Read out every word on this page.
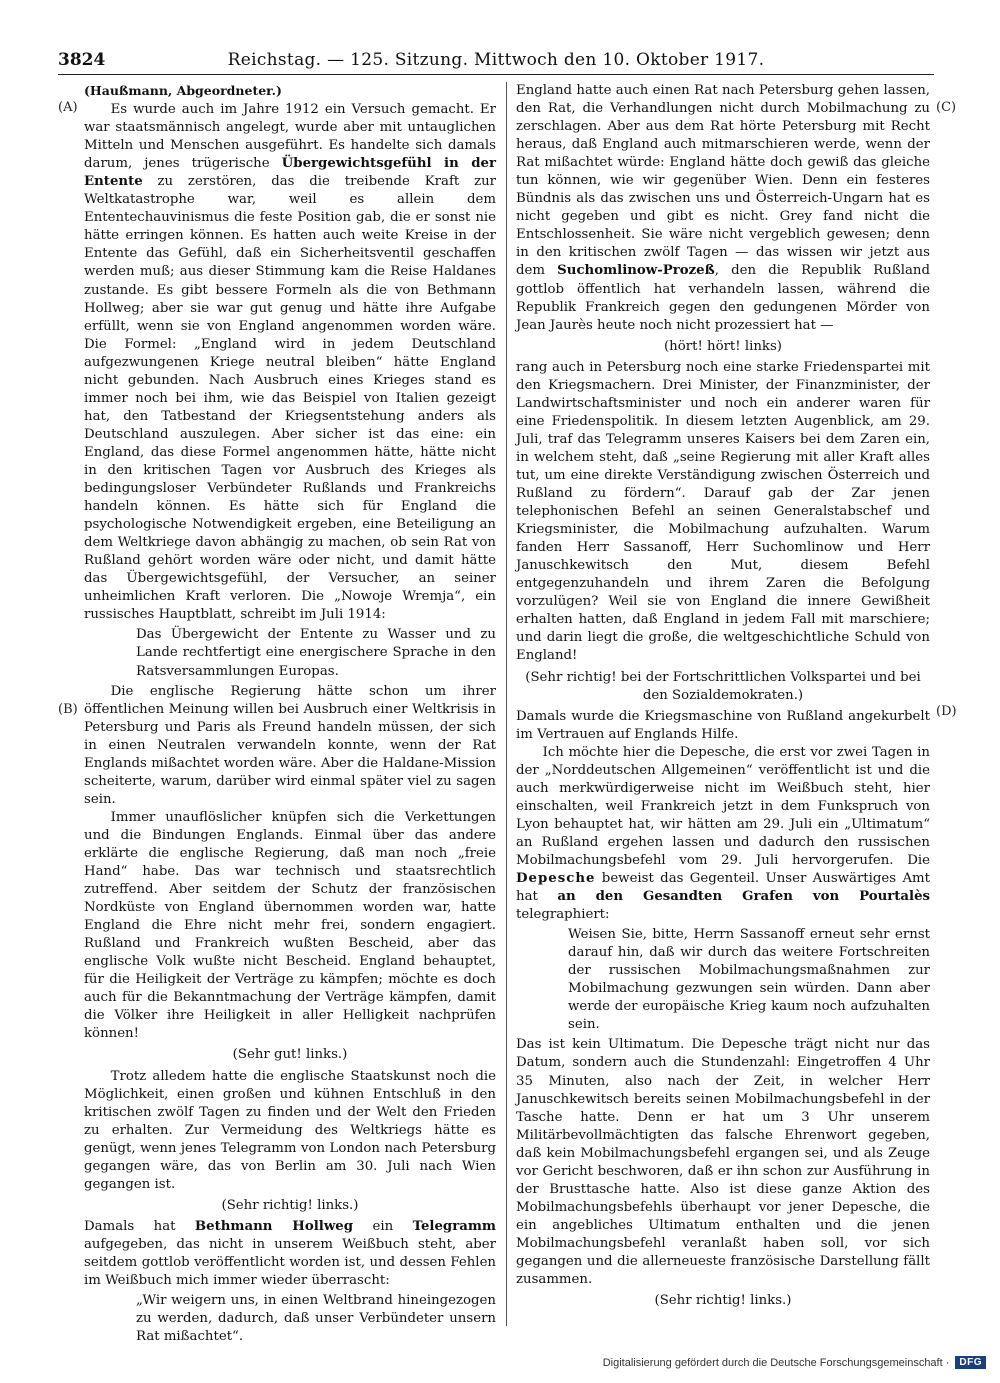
3824	Reichstag. — 125. Sitzung. Mittwoch den 10. Oktober 1917.
(A)
(B)
(C)
(D)

(Haußmann, Abgeordneter.)

Es wurde auch im Jahre 1912 ein Versuch gemacht. Er war staatsmännisch angelegt, wurde aber mit untauglichen Mitteln und Menschen ausgeführt. Es handelte sich damals darum, jenes trügerische Übergewichtsgefühl in der Entente zu zerstören, das die treibende Kraft zur Weltkatastrophe war, weil es allein dem Ententechauvinismus die feste Position gab, die er sonst nie hätte erringen können. Es hatten auch weite Kreise in der Entente das Gefühl, daß ein Sicherheitsventil geschaffen werden muß; aus dieser Stimmung kam die Reise Haldanes zustande. Es gibt bessere Formeln als die von Bethmann Hollweg; aber sie war gut genug und hätte ihre Aufgabe erfüllt, wenn sie von England angenommen worden wäre. Die Formel: „England wird in jedem Deutschland aufgezwungenen Kriege neutral bleiben“ hätte England nicht gebunden. Nach Ausbruch eines Krieges stand es immer noch bei ihm, wie das Beispiel von Italien gezeigt hat, den Tatbestand der Kriegsentstehung anders als Deutschland auszulegen. Aber sicher ist das eine: ein England, das diese Formel angenommen hätte, hätte nicht in den kritischen Tagen vor Ausbruch des Krieges als bedingungsloser Verbündeter Rußlands und Frankreichs handeln können. Es hätte sich für England die psychologische Notwendigkeit ergeben, eine Beteiligung an dem Weltkriege davon abhängig zu machen, ob sein Rat von Rußland gehört worden wäre oder nicht, und damit hätte das Übergewichtsgefühl, der Versucher, an seiner unheimlichen Kraft verloren. Die „Nowoje Wremja“, ein russisches Hauptblatt, schreibt im Juli 1914:

Das Übergewicht der Entente zu Wasser und zu Lande rechtfertigt eine energischere Sprache in den Ratsversammlungen Europas.

Die englische Regierung hätte schon um ihrer öffentlichen Meinung willen bei Ausbruch einer Weltkrisis in Petersburg und Paris als Freund handeln müssen, der sich in einen Neutralen verwandeln konnte, wenn der Rat Englands mißachtet worden wäre. Aber die Haldane-Mission scheiterte, warum, darüber wird einmal später viel zu sagen sein.

Immer unauflöslicher knüpfen sich die Verkettungen und die Bindungen Englands. Einmal über das andere erklärte die englische Regierung, daß man noch „freie Hand“ habe. Das war technisch und staatsrechtlich zutreffend. Aber seitdem der Schutz der französischen Nordküste von England übernommen worden war, hatte England die Ehre nicht mehr frei, sondern engagiert. Rußland und Frankreich wußten Bescheid, aber das englische Volk wußte nicht Bescheid. England behauptet, für die Heiligkeit der Verträge zu kämpfen; möchte es doch auch für die Bekanntmachung der Verträge kämpfen, damit die Völker ihre Heiligkeit in aller Helligkeit nachprüfen können!

(Sehr gut! links.)

Trotz alledem hatte die englische Staatskunst noch die Möglichkeit, einen großen und kühnen Entschluß in den kritischen zwölf Tagen zu finden und der Welt den Frieden zu erhalten. Zur Vermeidung des Weltkriegs hätte es genügt, wenn jenes Telegramm von London nach Petersburg gegangen wäre, das von Berlin am 30. Juli nach Wien gegangen ist.

(Sehr richtig! links.)

Damals hat Bethmann Hollweg ein Telegramm aufgegeben, das nicht in unserem Weißbuch steht, aber seitdem gottlob veröffentlicht worden ist, und dessen Fehlen im Weißbuch mich immer wieder überrascht:

„Wir weigern uns, in einen Weltbrand hineingezogen zu werden, dadurch, daß unser Verbündeter unsern Rat mißachtet“.

England hatte auch einen Rat nach Petersburg gehen lassen, den Rat, die Verhandlungen nicht durch Mobilmachung zu zerschlagen. Aber aus dem Rat hörte Petersburg mit Recht heraus, daß England auch mitmarschieren werde, wenn der Rat mißachtet würde: England hätte doch gewiß das gleiche tun können, wie wir gegenüber Wien. Denn ein festeres Bündnis als das zwischen uns und Österreich-Ungarn hat es nicht gegeben und gibt es nicht. Grey fand nicht die Entschlossenheit. Sie wäre nicht vergeblich gewesen; denn in den kritischen zwölf Tagen — das wissen wir jetzt aus dem Suchomlinow-Prozeß, den die Republik Rußland gottlob öffentlich hat verhandeln lassen, während die Republik Frankreich gegen den gedungenen Mörder von Jean Jaurès heute noch nicht prozessiert hat —

(hört! hört! links)

rang auch in Petersburg noch eine starke Friedenspartei mit den Kriegsmachern. Drei Minister, der Finanzminister, der Landwirtschaftsminister und noch ein anderer waren für eine Friedenspolitik. In diesem letzten Augenblick, am 29. Juli, traf das Telegramm unseres Kaisers bei dem Zaren ein, in welchem steht, daß „seine Regierung mit aller Kraft alles tut, um eine direkte Verständigung zwischen Österreich und Rußland zu fördern“. Darauf gab der Zar jenen telephonischen Befehl an seinen Generalstabschef und Kriegsminister, die Mobilmachung aufzuhalten. Warum fanden Herr Sassanoff, Herr Suchomlinow und Herr Januschkewitsch den Mut, diesem Befehl entgegenzuhandeln und ihrem Zaren die Befolgung vorzulügen? Weil sie von England die innere Gewißheit erhalten hatten, daß England in jedem Fall mit marschiere; und darin liegt die große, die weltgeschichtliche Schuld von England!

(Sehr richtig! bei der Fortschrittlichen Volkspartei und bei den Sozialdemokraten.)

Damals wurde die Kriegsmaschine von Rußland angekurbelt im Vertrauen auf Englands Hilfe.

Ich möchte hier die Depesche, die erst vor zwei Tagen in der „Norddeutschen Allgemeinen“ veröffentlicht ist und die auch merkwürdigerweise nicht im Weißbuch steht, hier einschalten, weil Frankreich jetzt in dem Funkspruch von Lyon behauptet hat, wir hätten am 29. Juli ein „Ultimatum“ an Rußland ergehen lassen und dadurch den russischen Mobilmachungsbefehl vom 29. Juli hervorgerufen. Die Depesche beweist das Gegenteil. Unser Auswärtiges Amt hat an den Gesandten Grafen von Pourtalès telegraphiert:

Weisen Sie, bitte, Herrn Sassanoff erneut sehr ernst darauf hin, daß wir durch das weitere Fortschreiten der russischen Mobilmachungsmaßnahmen zur Mobilmachung gezwungen sein würden. Dann aber werde der europäische Krieg kaum noch aufzuhalten sein.

Das ist kein Ultimatum. Die Depesche trägt nicht nur das Datum, sondern auch die Stundenzahl: Eingetroffen 4 Uhr 35 Minuten, also nach der Zeit, in welcher Herr Januschkewitsch bereits seinen Mobilmachungsbefehl in der Tasche hatte. Denn er hat um 3 Uhr unserem Militärbevollmächtigten das falsche Ehrenwort gegeben, daß kein Mobilmachungsbefehl ergangen sei, und als Zeuge vor Gericht beschworen, daß er ihn schon zur Ausführung in der Brusttasche hatte. Also ist diese ganze Aktion des Mobilmachungsbefehls überhaupt vor jener Depesche, die ein angebliches Ultimatum enthalten und die jenen Mobilmachungsbefehl veranlaßt haben soll, vor sich gegangen und die allerneueste französische Darstellung fällt zusammen.

(Sehr richtig! links.)

Digitalisierung gefördert durch die Deutsche Forschungsgemeinschaft ·	DFG
